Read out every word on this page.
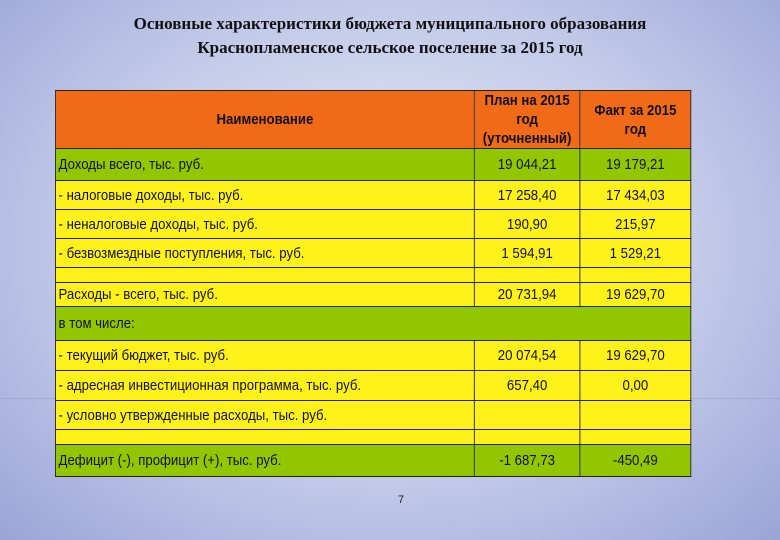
Основные характеристики бюджета муниципального образования
Краснопламенское сельское поселение за 2015 год
Наименование	План на 2015 год (уточненный)	Факт за 2015 год
Доходы всего, тыс. руб.	19 044,21	19 179,21
- налоговые доходы, тыс. руб.	17 258,40	17 434,03
- неналоговые доходы, тыс. руб.	190,90	215,97
- безвозмездные поступления, тыс. руб.	1 594,91	1 529,21

Расходы - всего, тыс. руб.	20 731,94	19 629,70
в том числе:		
- текущий бюджет, тыс. руб.	20 074,54	19 629,70
- адресная инвестиционная программа, тыс. руб.	657,40	0,00
- условно утвержденные расходы, тыс. руб.		

Дефицит (-), профицит (+), тыс. руб.	-1 687,73	-450,49
7
